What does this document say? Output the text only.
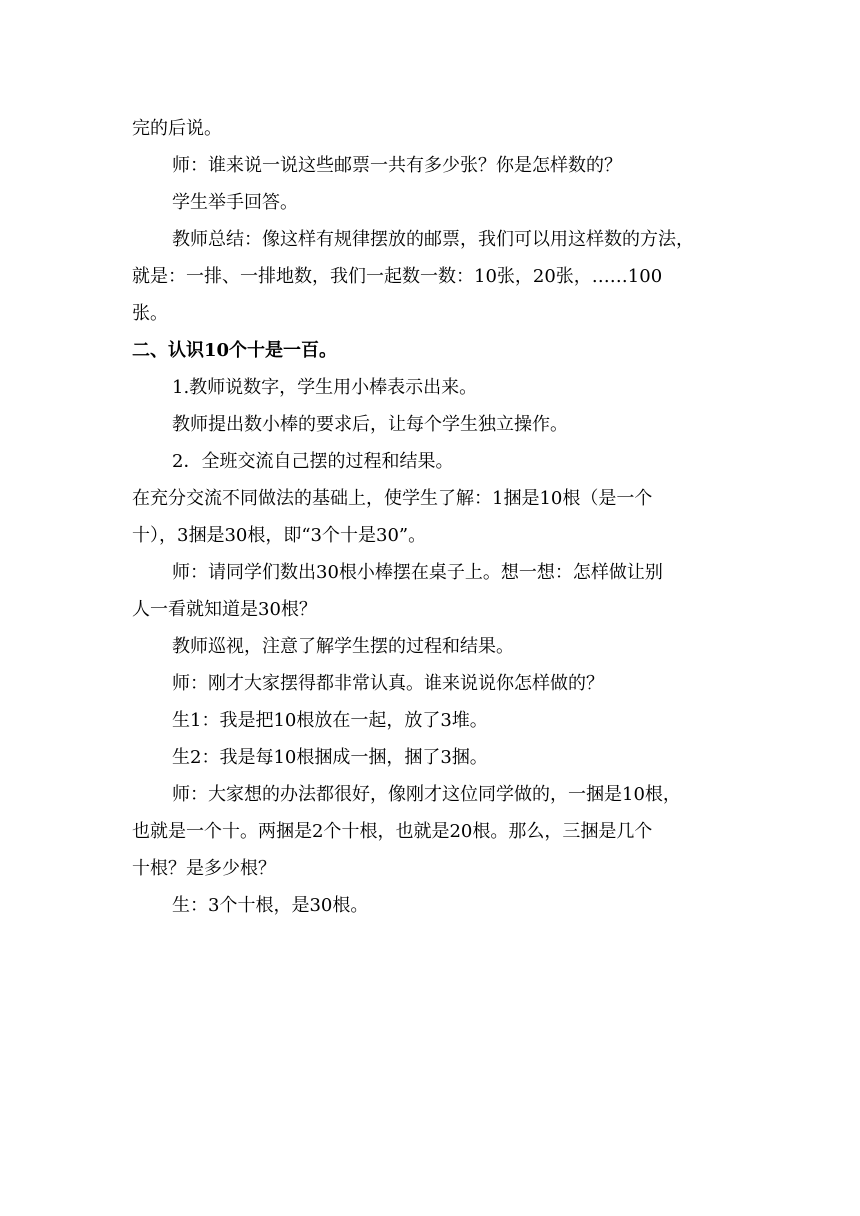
完的后说。

师：谁来说一说这些邮票一共有多少张？你是怎样数的？

学生举手回答。

教师总结：像这样有规律摆放的邮票，我们可以用这样数的方法，

就是：一排、一排地数，我们一起数一数：10张，20张，……100

张。

二、认识10个十是一百。

1.教师说数字，学生用小棒表示出来。

教师提出数小棒的要求后，让每个学生独立操作。

2．全班交流自己摆的过程和结果。

在充分交流不同做法的基础上，使学生了解：1捆是10根（是一个

十），3捆是30根，即“3个十是30”。

师：请同学们数出30根小棒摆在桌子上。想一想：怎样做让别

人一看就知道是30根？

教师巡视，注意了解学生摆的过程和结果。

师：刚才大家摆得都非常认真。谁来说说你怎样做的？

生1：我是把10根放在一起，放了3堆。

生2：我是每10根捆成一捆，捆了3捆。

师：大家想的办法都很好，像刚才这位同学做的，一捆是10根，

也就是一个十。两捆是2个十根，也就是20根。那么，三捆是几个

十根？是多少根？

生：3个十根，是30根。
